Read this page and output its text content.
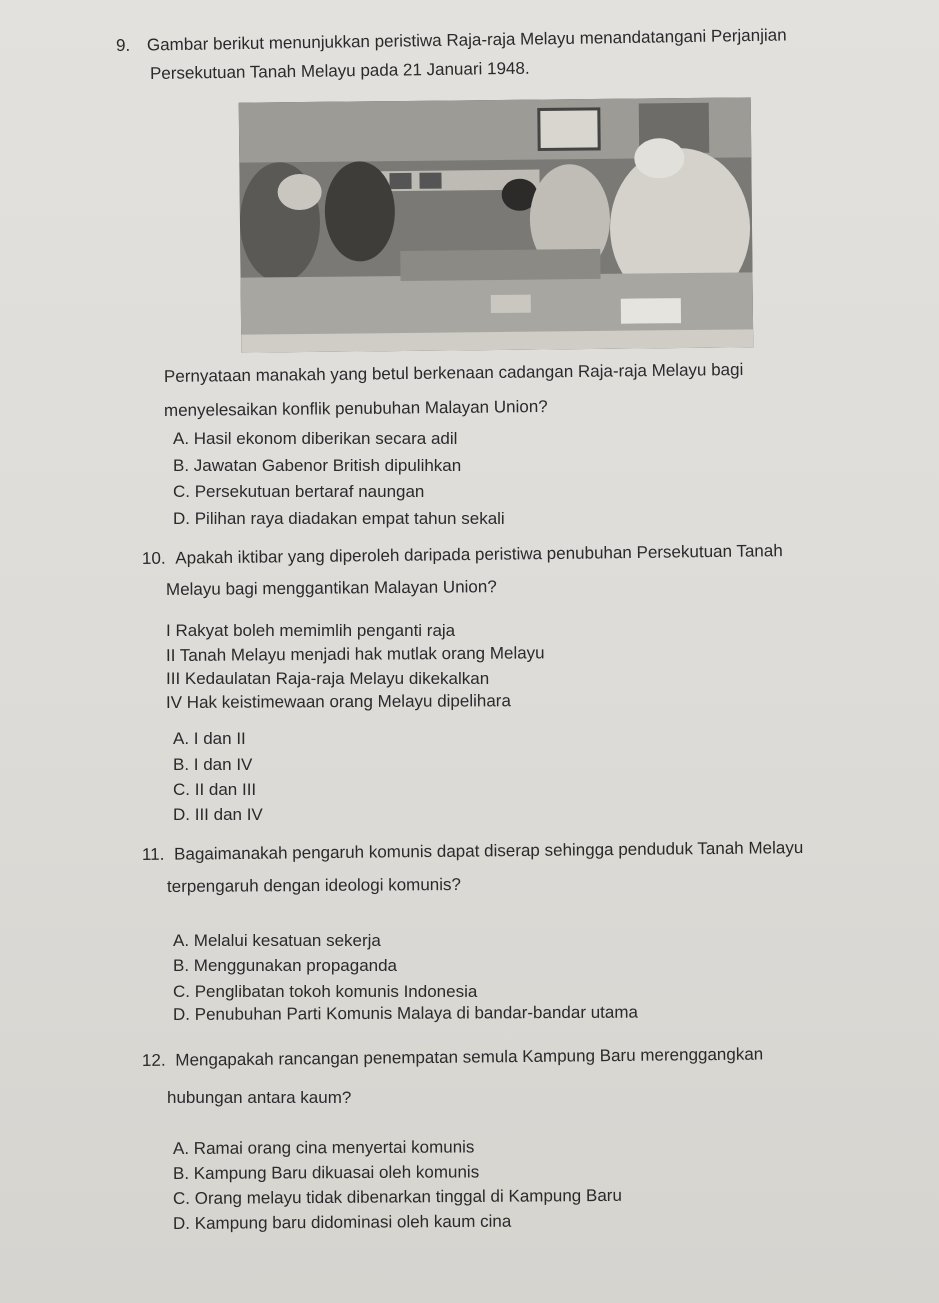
9. Gambar berikut menunjukkan peristiwa Raja-raja Melayu menandatangani Perjanjian
Persekutuan Tanah Melayu pada 21 Januari 1948.
Pernyataan manakah yang betul berkenaan cadangan Raja-raja Melayu bagi
menyelesaikan konflik penubuhan Malayan Union?
A. Hasil ekonom diberikan secara adil
B. Jawatan Gabenor British dipulihkan
C. Persekutuan bertaraf naungan
D. Pilihan raya diadakan empat tahun sekali
10. Apakah iktibar yang diperoleh daripada peristiwa penubuhan Persekutuan Tanah
Melayu bagi menggantikan Malayan Union?
I Rakyat boleh memimlih penganti raja
II Tanah Melayu menjadi hak mutlak orang Melayu
III Kedaulatan Raja-raja Melayu dikekalkan
IV Hak keistimewaan orang Melayu dipelihara
A. I dan II
B. I dan IV
C. II dan III
D. III dan IV
11. Bagaimanakah pengaruh komunis dapat diserap sehingga penduduk Tanah Melayu
terpengaruh dengan ideologi komunis?
A. Melalui kesatuan sekerja
B. Menggunakan propaganda
C. Penglibatan tokoh komunis Indonesia
D. Penubuhan Parti Komunis Malaya di bandar-bandar utama
12. Mengapakah rancangan penempatan semula Kampung Baru merenggangkan
hubungan antara kaum?
A. Ramai orang cina menyertai komunis
B. Kampung Baru dikuasai oleh komunis
C. Orang melayu tidak dibenarkan tinggal di Kampung Baru
D. Kampung baru didominasi oleh kaum cina
